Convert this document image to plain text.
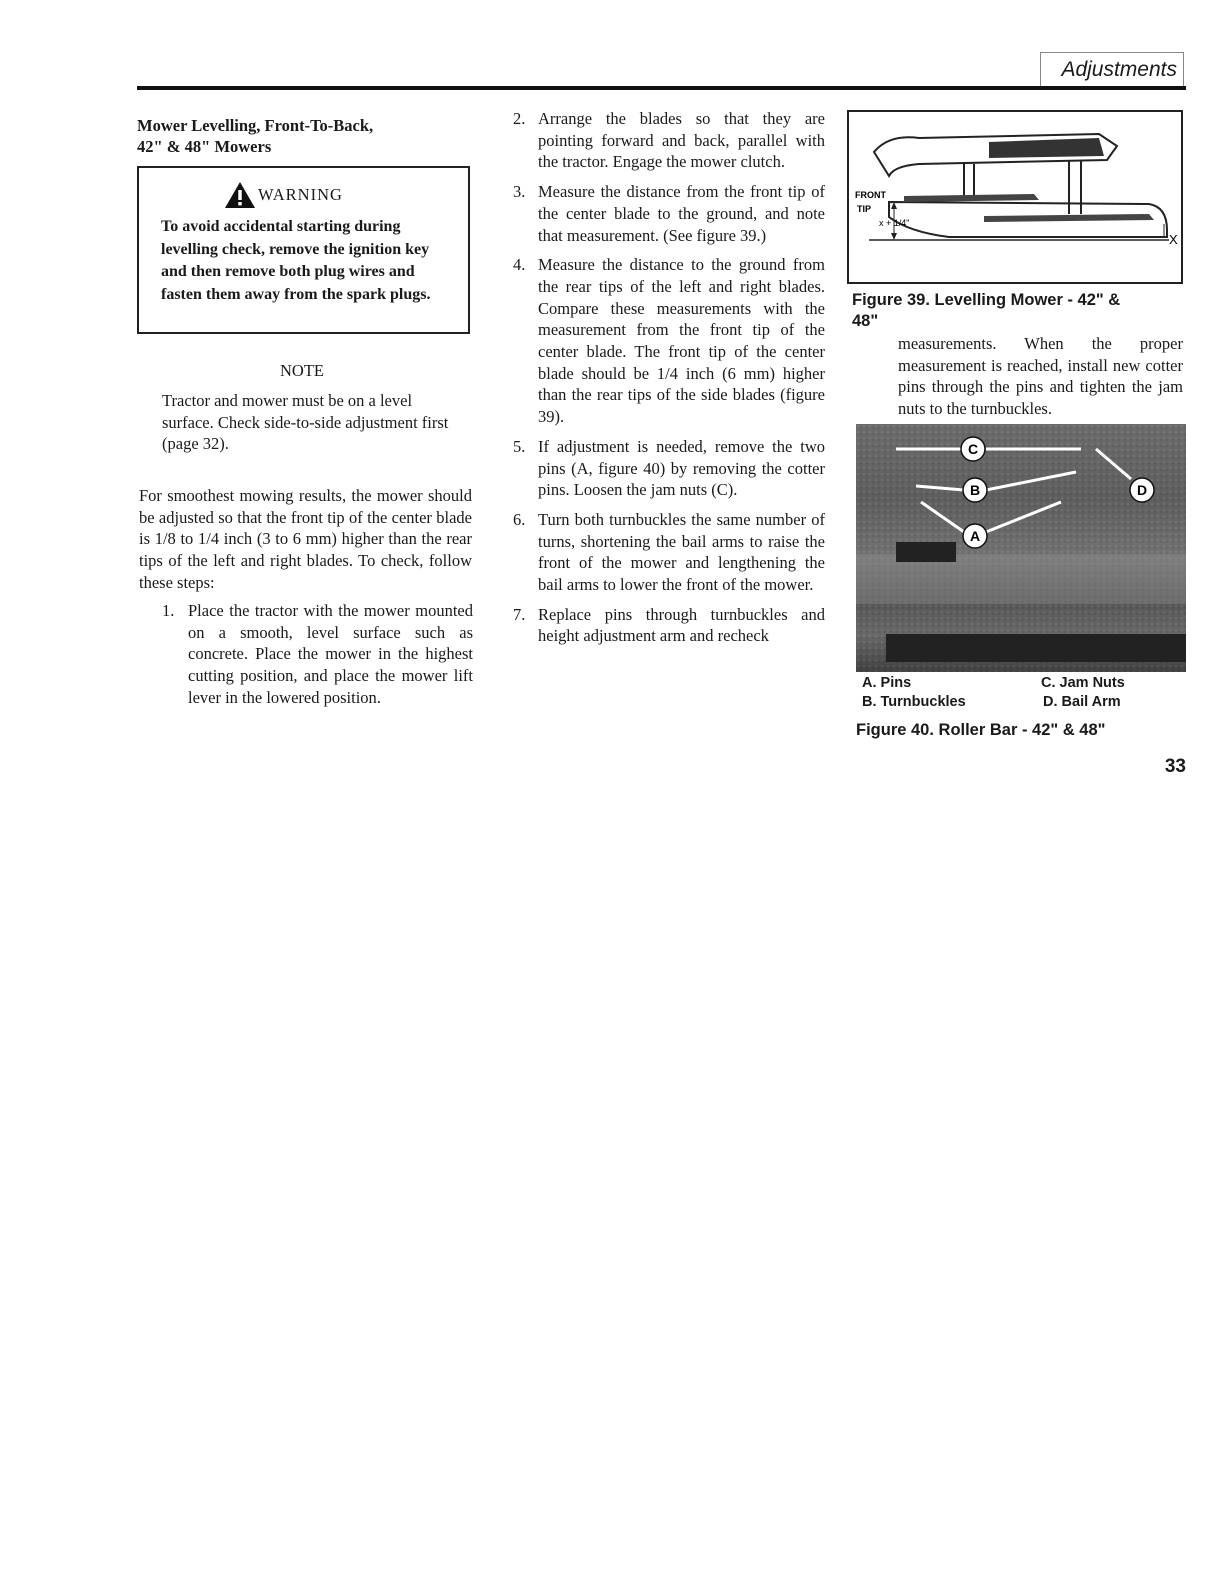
Adjustments
Mower Levelling, Front-To-Back,
42" & 48" Mowers
WARNING
To avoid accidental starting during levelling check, remove the ignition key and then remove both plug wires and fasten them away from the spark plugs.
NOTE
Tractor and mower must be on a level surface. Check side-to-side adjustment first (page 32).
For smoothest mowing results, the mower should be adjusted so that the front tip of the center blade is 1/8 to 1/4 inch (3 to 6 mm) higher than the rear tips of the left and right blades. To check, follow these steps:
1. Place the tractor with the mower mounted on a smooth, level surface such as concrete. Place the mower in the highest cutting position, and place the mower lift lever in the lowered position.
2. Arrange the blades so that they are pointing forward and back, parallel with the tractor. Engage the mower clutch.
3. Measure the distance from the front tip of the center blade to the ground, and note that measurement. (See figure 39.)
4. Measure the distance to the ground from the rear tips of the left and right blades. Compare these measurements with the measurement from the front tip of the center blade. The front tip of the center blade should be 1/4 inch (6 mm) higher than the rear tips of the side blades (figure 39).
5. If adjustment is needed, remove the two pins (A, figure 40) by removing the cotter pins. Loosen the jam nuts (C).
6. Turn both turnbuckles the same number of turns, shortening the bail arms to raise the front of the mower and lengthening the bail arms to lower the front of the mower.
7. Replace pins through turnbuckles and height adjustment arm and recheck
FRONT
TIP
x + 1/4"
X
Figure 39. Levelling Mower - 42" &
48"
measurements. When the proper measurement is reached, install new cotter pins through the pins and tighten the jam nuts to the turnbuckles.
C
B
A
D
A. Pins	C. Jam Nuts
B. Turnbuckles	D. Bail Arm
Figure 40. Roller Bar - 42" & 48"
33
